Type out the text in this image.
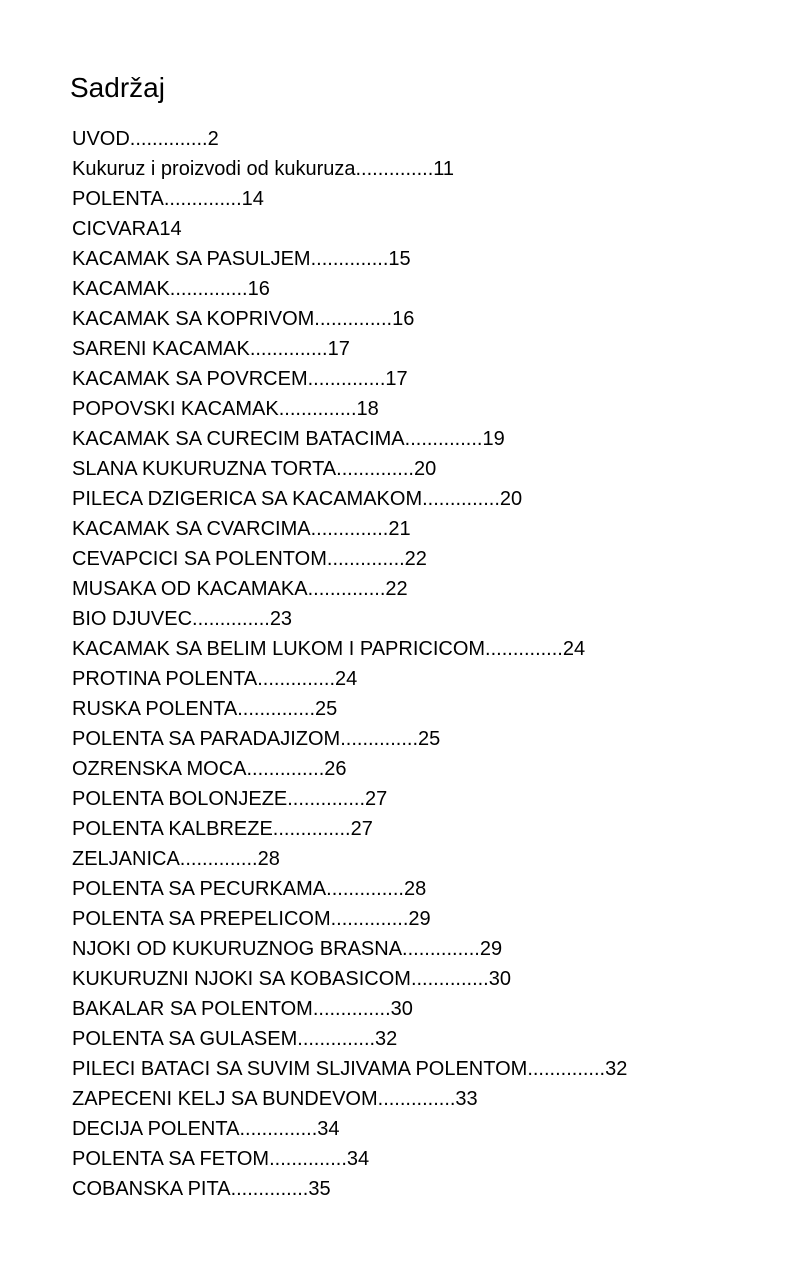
Sadržaj
UVOD..............2
Kukuruz i proizvodi od kukuruza..............11
POLENTA..............14
CICVARA14
KACAMAK SA PASULJEM..............15
KACAMAK..............16
KACAMAK SA KOPRIVOM..............16
SARENI KACAMAK..............17
KACAMAK SA POVRCEM..............17
POPOVSKI KACAMAK..............18
KACAMAK SA CURECIM BATACIMA..............19
SLANA KUKURUZNA TORTA..............20
PILECA DZIGERICA SA KACAMAKOM..............20
KACAMAK SA CVARCIMA..............21
CEVAPCICI SA POLENTOM..............22
MUSAKA OD KACAMAKA..............22
BIO DJUVEC..............23
KACAMAK SA BELIM LUKOM I PAPRICICOM..............24
PROTINA POLENTA..............24
RUSKA POLENTA..............25
POLENTA SA PARADAJIZOM..............25
OZRENSKA MOCA..............26
POLENTA BOLONJEZE..............27
POLENTA KALBREZE..............27
ZELJANICA..............28
POLENTA SA PECURKAMA..............28
POLENTA SA PREPELICOM..............29
NJOKI OD KUKURUZNOG BRASNA..............29
KUKURUZNI NJOKI SA KOBASICOM..............30
BAKALAR SA POLENTOM..............30
POLENTA SA GULASEM..............32
PILECI BATACI SA SUVIM SLJIVAMA POLENTOM..............32
ZAPECENI KELJ SA BUNDEVOM..............33
DECIJA POLENTA..............34
POLENTA SA FETOM..............34
COBANSKA PITA..............35
